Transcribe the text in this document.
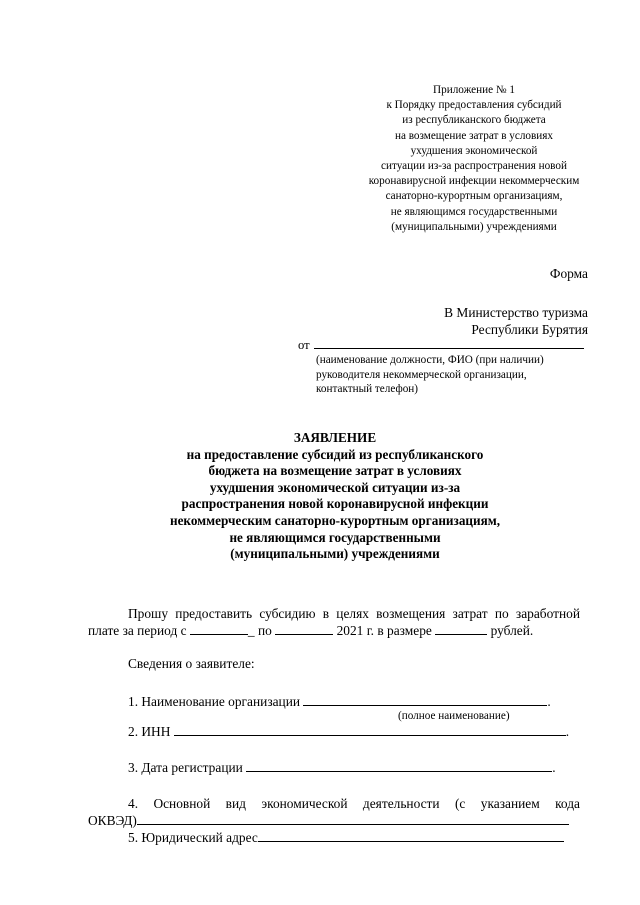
Приложение № 1
к Порядку предоставления субсидий
из республиканского бюджета
на возмещение затрат в условиях
ухудшения экономической
ситуации из-за распространения новой
коронавирусной инфекции некоммерческим
санаторно-курортным организациям,
не являющимся государственными
(муниципальными) учреждениями
Форма
В Министерство туризма
Республики Бурятия
от
(наименование должности, ФИО (при наличии)
руководителя некоммерческой организации,
контактный телефон)
ЗАЯВЛЕНИЕ
на предоставление субсидий из республиканского
бюджета на возмещение затрат в условиях
ухудшения экономической ситуации из-за
распространения новой коронавирусной инфекции
некоммерческим санаторно-курортным организациям,
не являющимся государственными
(муниципальными) учреждениями
Прошу предоставить субсидию в целях возмещения затрат по заработной плате за период с	_ по	2021 г. в размере	рублей.
Сведения о заявителе:
1. Наименование организации	.
(полное наименование)
2. ИНН	.
3. Дата регистрации	.
4. Основной вид экономической деятельности (с указанием кода
ОКВЭД)
5. Юридический адрес
